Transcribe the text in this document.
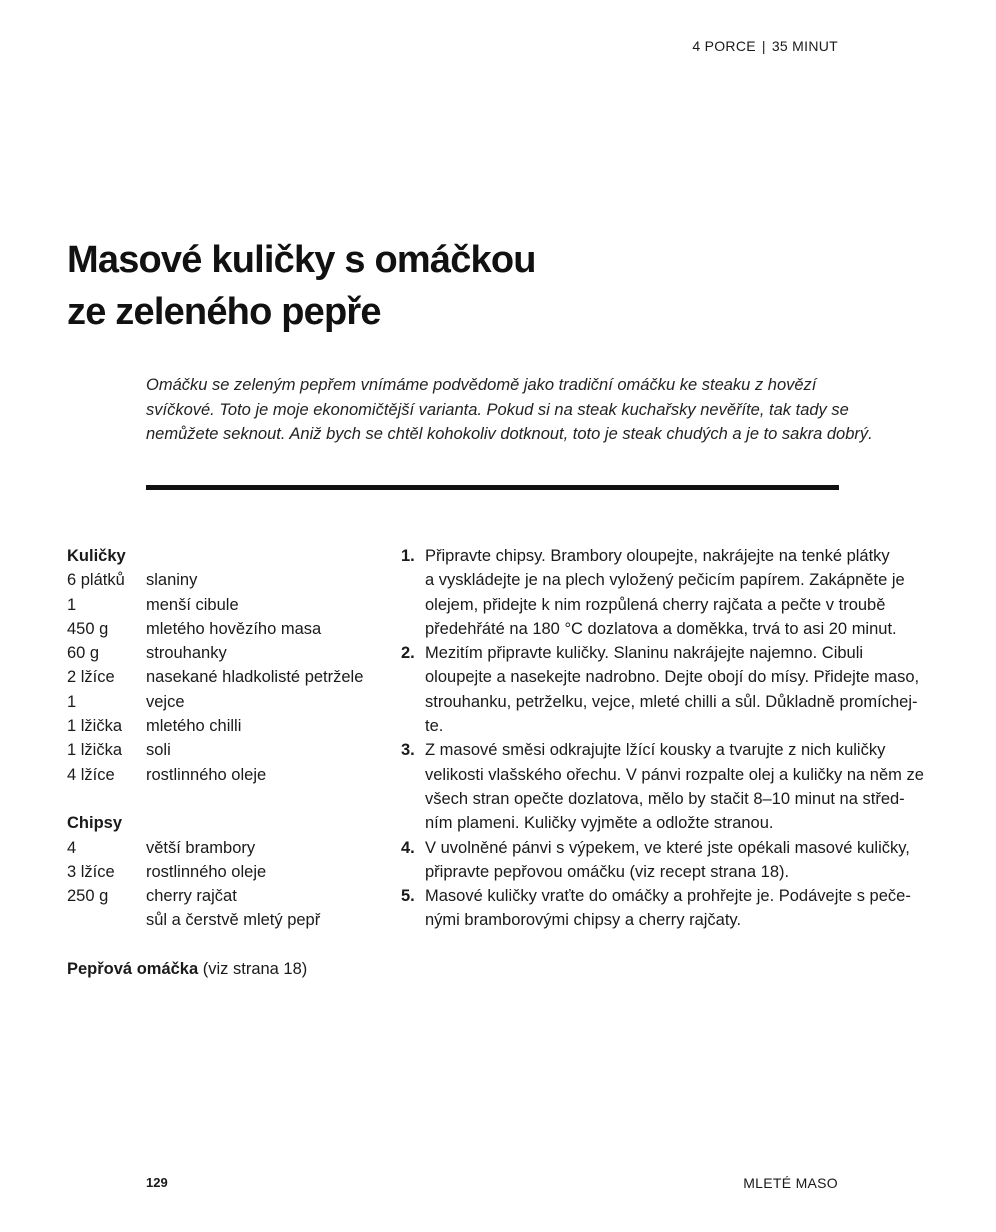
4 PORCE | 35 MINUT
Masové kuličky s omáčkou
ze zeleného pepře
Omáčku se zeleným pepřem vnímáme podvědomě jako tradiční omáčku ke steaku z hovězí
svíčkové. Toto je moje ekonomičtější varianta. Pokud si na steak kuchařsky nevěříte, tak tady se
nemůžete seknout. Aniž bych se chtěl kohokoliv dotknout, toto je steak chudých a je to sakra dobrý.
Kuličky
6 plátků	slaniny
1	menší cibule
450 g	mletého hovězího masa
60 g	strouhanky
2 lžíce	nasekané hladkolisté petržele
1	vejce
1 lžička	mletého chilli
1 lžička	soli
4 lžíce	rostlinného oleje
Chipsy
4	větší brambory
3 lžíce	rostlinného oleje
250 g	cherry rajčat
sůl a čerstvě mletý pepř
Pepřová omáčka (viz strana 18)
1. Připravte chipsy. Brambory oloupejte, nakrájejte na tenké plátky
a vyskládejte je na plech vyložený pečicím papírem. Zakápněte je
olejem, přidejte k nim rozpůlená cherry rajčata a pečte v troubě
předehřáté na 180 °C dozlatova a doměkka, trvá to asi 20 minut.
2. Mezitím připravte kuličky. Slaninu nakrájejte najemno. Cibuli
oloupejte a nasekejte nadrobno. Dejte obojí do mísy. Přidejte maso,
strouhanku, petrželku, vejce, mleté chilli a sůl. Důkladně promíchej-
te.
3. Z masové směsi odkrajujte lžící kousky a tvarujte z nich kuličky
velikosti vlašského ořechu. V pánvi rozpalte olej a kuličky na něm ze
všech stran opečte dozlatova, mělo by stačit 8–10 minut na střed-
ním plameni. Kuličky vyjměte a odložte stranou.
4. V uvolněné pánvi s výpekem, ve které jste opékali masové kuličky,
připravte pepřovou omáčku (viz recept strana 18).
5. Masové kuličky vraťte do omáčky a prohřejte je. Podávejte s peče-
nými bramborovými chipsy a cherry rajčaty.
129	MLETÉ MASO
